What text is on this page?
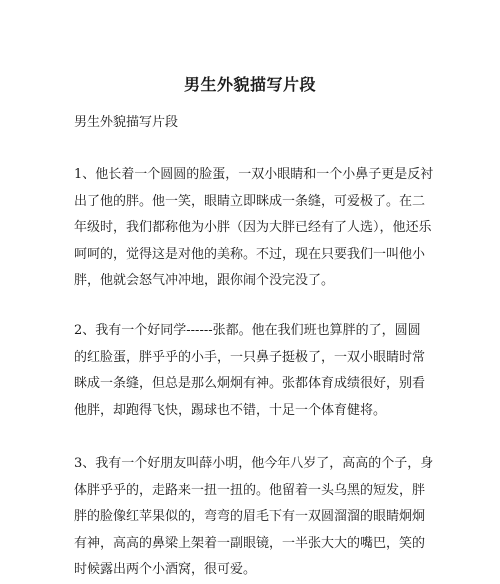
男生外貌描写片段
男生外貌描写片段
1、他长着一个圆圆的脸蛋，一双小眼睛和一个小鼻子更是反衬
出了他的胖。他一笑，眼睛立即眯成一条缝，可爱极了。在二
年级时，我们都称他为小胖（因为大胖已经有了人选），他还乐
呵呵的，觉得这是对他的美称。不过，现在只要我们一叫他小
胖，他就会怒气冲冲地，跟你闹个没完没了。
2、我有一个好同学------张都。他在我们班也算胖的了，圆圆
的红脸蛋，胖乎乎的小手，一只鼻子挺极了，一双小眼睛时常
眯成一条缝，但总是那么炯炯有神。张都体育成绩很好，别看
他胖，却跑得飞快，踢球也不错，十足一个体育健将。
3、我有一个好朋友叫薛小明，他今年八岁了，高高的个子，身
体胖乎乎的，走路来一扭一扭的。他留着一头乌黑的短发，胖
胖的脸像红苹果似的，弯弯的眉毛下有一双圆溜溜的眼睛炯炯
有神，高高的鼻梁上架着一副眼镜，一半张大大的嘴巴，笑的
时候露出两个小酒窝，很可爱。
